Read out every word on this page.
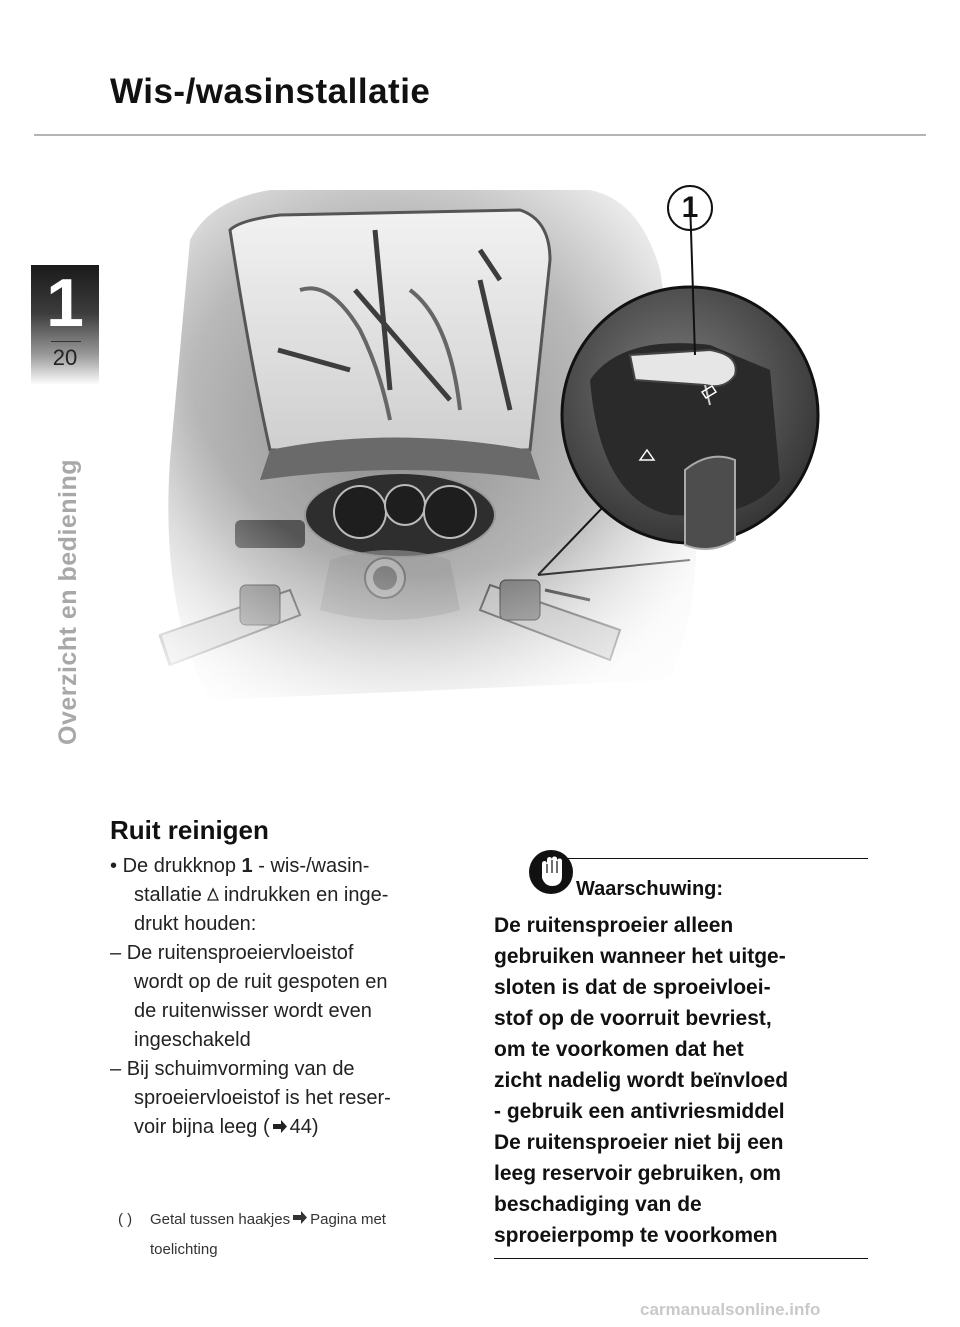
Wis-/wasinstallatie
1
20
Overzicht en bediening
1
Ruit reinigen

• De drukknop 1 - wis-/wasin-
stallatie indrukken en inge-
drukt houden:

– De ruitensproeiervloeistof
wordt op de ruit gespoten en
de ruitenwisser wordt even
ingeschakeld

– Bij schuimvorming van de
sproeiervloeistof is het reser-
voir bijna leeg ( 44)

( ) Getal tussen haakjes Pagina met
toelichting
Waarschuwing:
De ruitensproeier alleen
gebruiken wanneer het uitge-
sloten is dat de sproeivloei-
stof op de voorruit bevriest,
om te voorkomen dat het
zicht nadelig wordt beïnvloed
- gebruik een antivriesmiddel
De ruitensproeier niet bij een
leeg reservoir gebruiken, om
beschadiging van de
sproeierpomp te voorkomen
carmanualsonline.info
